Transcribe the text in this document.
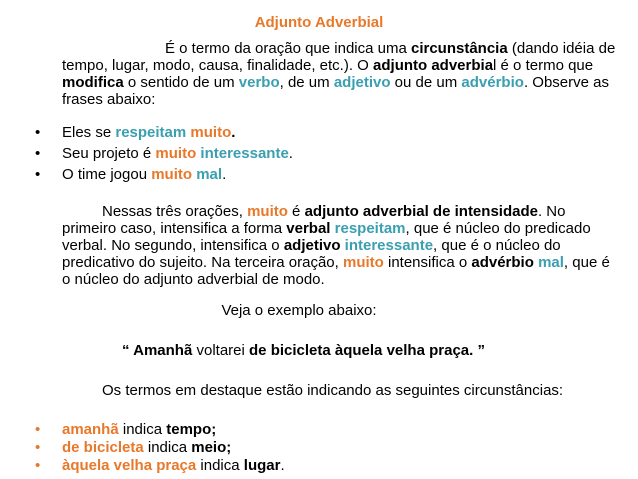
Adjunto Adverbial
É o termo da oração que indica uma circunstância (dando idéia de tempo, lugar, modo, causa, finalidade, etc.). O adjunto adverbial é o termo que modifica o sentido de um verbo, de um adjetivo ou de um advérbio. Observe as frases abaixo:
• Eles se respeitam muito.
• Seu projeto é muito interessante.
• O time jogou muito mal.
Nessas três orações, muito é adjunto adverbial de intensidade. No primeiro caso, intensifica a forma verbal respeitam, que é núcleo do predicado verbal. No segundo, intensifica o adjetivo interessante, que é o núcleo do predicativo do sujeito. Na terceira oração, muito intensifica o advérbio mal, que é o núcleo do adjunto adverbial de modo.
Veja o exemplo abaixo:
“ Amanhã voltarei de bicicleta àquela velha praça. ”
Os termos em destaque estão indicando as seguintes circunstâncias:
• amanhã indica tempo;
• de bicicleta indica meio;
• àquela velha praça indica lugar.
